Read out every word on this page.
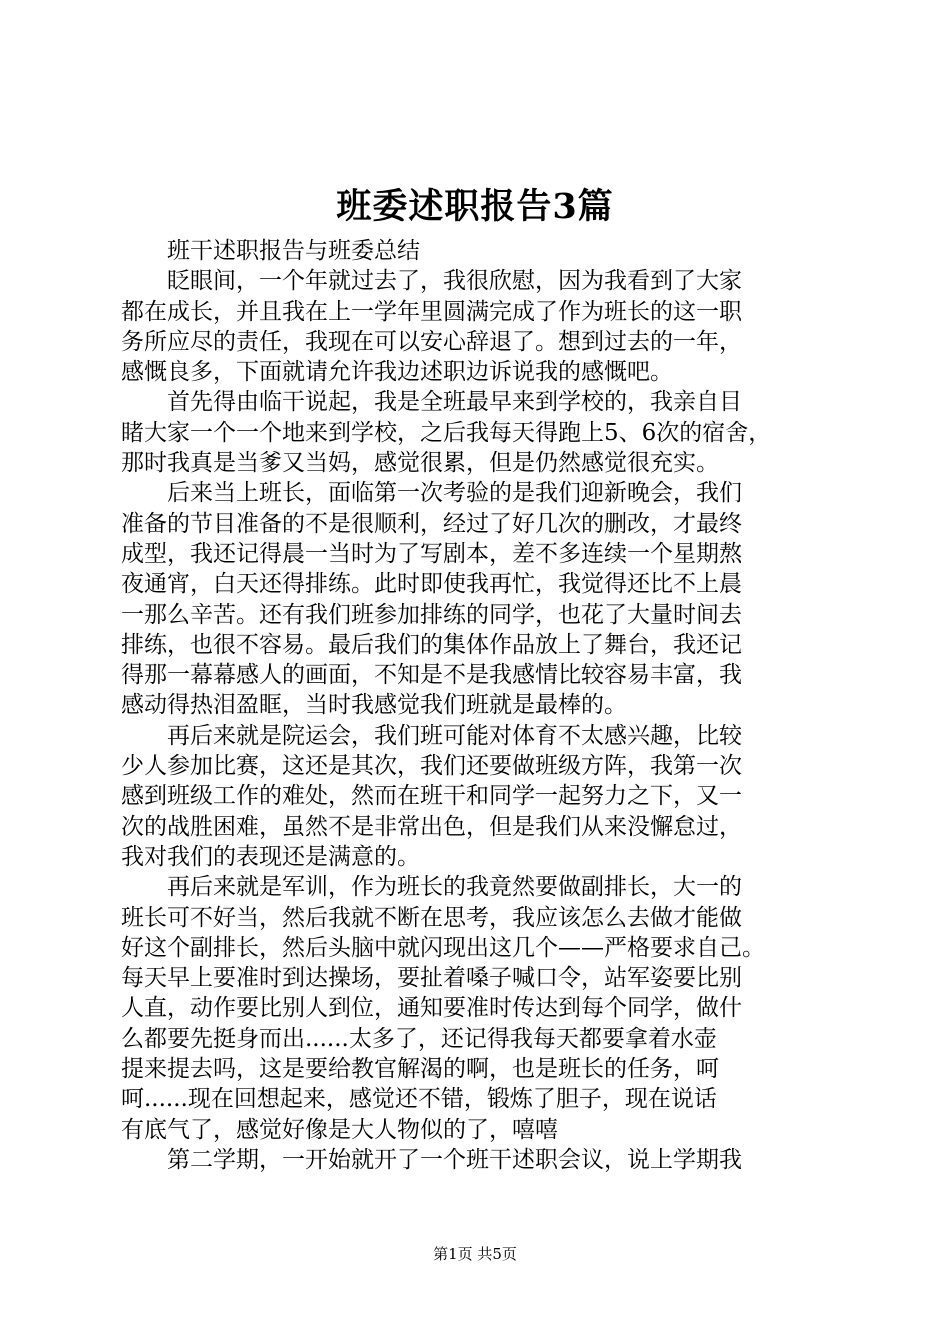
班委述职报告3篇
　　班干述职报告与班委总结
　　眨眼间，一个年就过去了，我很欣慰，因为我看到了大家
都在成长，并且我在上一学年里圆满完成了作为班长的这一职
务所应尽的责任，我现在可以安心辞退了。想到过去的一年，
感慨良多，下面就请允许我边述职边诉说我的感慨吧。
　　首先得由临干说起，我是全班最早来到学校的，我亲自目
睹大家一个一个地来到学校，之后我每天得跑上5、6次的宿舍，
那时我真是当爹又当妈，感觉很累，但是仍然感觉很充实。
　　后来当上班长，面临第一次考验的是我们迎新晚会，我们
准备的节目准备的不是很顺利，经过了好几次的删改，才最终
成型，我还记得晨一当时为了写剧本，差不多连续一个星期熬
夜通宵，白天还得排练。此时即使我再忙，我觉得还比不上晨
一那么辛苦。还有我们班参加排练的同学，也花了大量时间去
排练，也很不容易。最后我们的集体作品放上了舞台，我还记
得那一幕幕感人的画面，不知是不是我感情比较容易丰富，我
感动得热泪盈眶，当时我感觉我们班就是最棒的。
　　再后来就是院运会，我们班可能对体育不太感兴趣，比较
少人参加比赛，这还是其次，我们还要做班级方阵，我第一次
感到班级工作的难处，然而在班干和同学一起努力之下，又一
次的战胜困难，虽然不是非常出色，但是我们从来没懈怠过，
我对我们的表现还是满意的。
　　再后来就是军训，作为班长的我竟然要做副排长，大一的
班长可不好当，然后我就不断在思考，我应该怎么去做才能做
好这个副排长，然后头脑中就闪现出这几个——严格要求自己。
每天早上要准时到达操场，要扯着嗓子喊口令，站军姿要比别
人直，动作要比别人到位，通知要准时传达到每个同学，做什
么都要先挺身而出......太多了，还记得我每天都要拿着水壶
提来提去吗，这是要给教官解渴的啊，也是班长的任务，呵
呵......现在回想起来，感觉还不错，锻炼了胆子，现在说话
有底气了，感觉好像是大人物似的了，嘻嘻
　　第二学期，一开始就开了一个班干述职会议，说上学期我
第1页 共5页
